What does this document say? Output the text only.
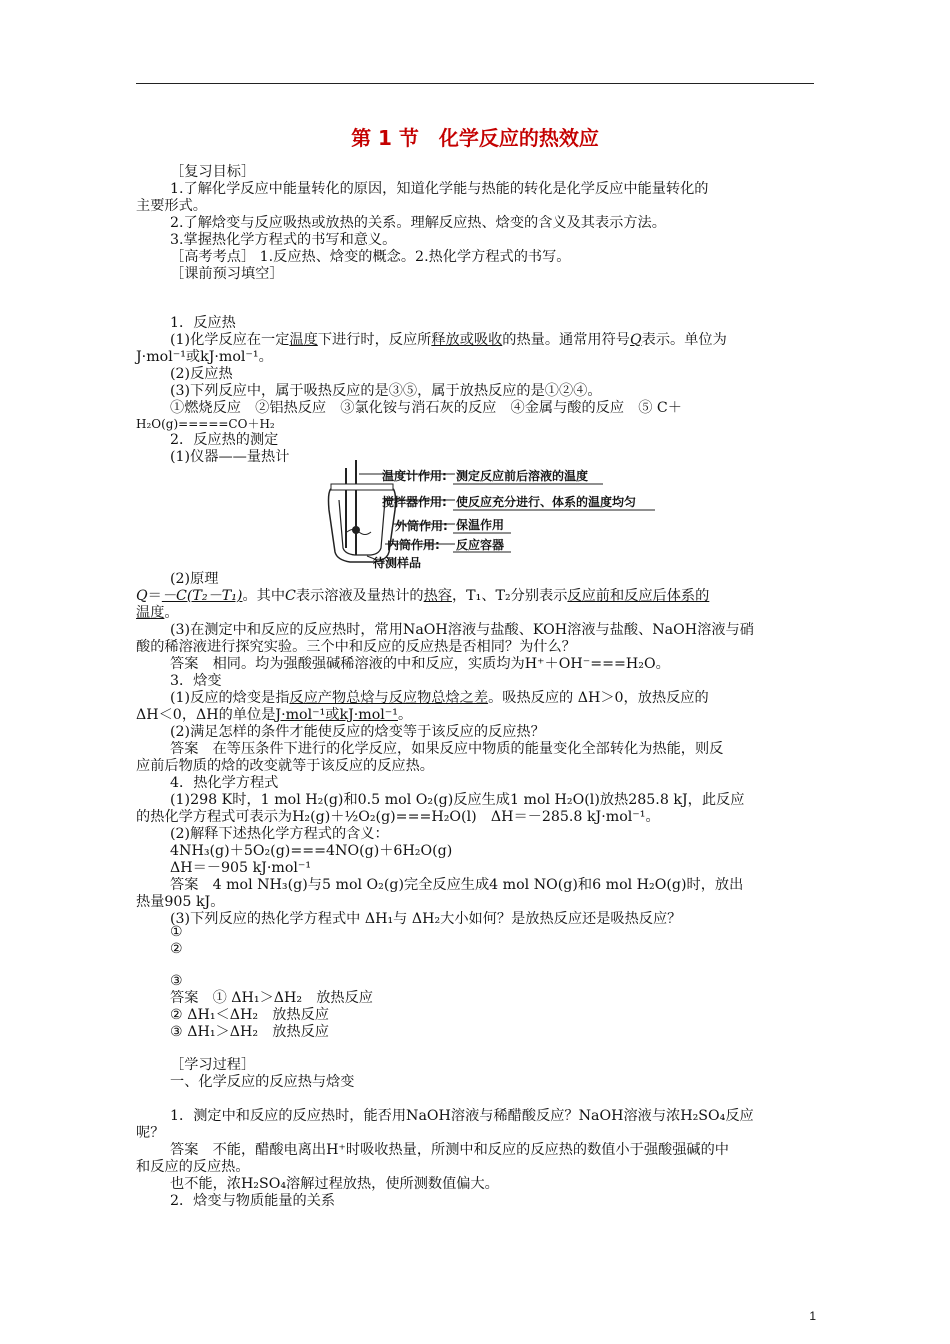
第 1 节　化学反应的热效应
［复习目标］
1.了解化学反应中能量转化的原因，知道化学能与热能的转化是化学反应中能量转化的
主要形式。
2.了解焓变与反应吸热或放热的关系。理解反应热、焓变的含义及其表示方法。
3.掌握热化学方程式的书写和意义。
［高考考点］ 1.反应热、焓变的概念。2.热化学方程式的书写。
［课前预习填空］
1．反应热
(1)化学反应在一定温度下进行时，反应所释放或吸收的热量。通常用符号Q表示。单位为
J·mol⁻¹或kJ·mol⁻¹。
(2)反应热
(3)下列反应中，属于吸热反应的是③⑤，属于放热反应的是①②④。
①燃烧反应　②铝热反应　③氯化铵与消石灰的反应　④金属与酸的反应　⑤ C＋
H₂O(g)=====CO＋H₂
2．反应热的测定
(1)仪器——量热计
温度计作用: 测定反应前后溶液的温度
搅拌器作用: 使反应充分进行、体系的温度均匀
外筒作用: 保温作用
内筒作用: 反应容器
待测样品
(2)原理
Q＝－C(T₂－T₁)。其中C表示溶液及量热计的热容，T₁、T₂分别表示反应前和反应后体系的
温度。
(3)在测定中和反应的反应热时，常用NaOH溶液与盐酸、KOH溶液与盐酸、NaOH溶液与硝
酸的稀溶液进行探究实验。三个中和反应的反应热是否相同？为什么？
答案　相同。均为强酸强碱稀溶液的中和反应，实质均为H⁺＋OH⁻===H₂O。
3．焓变
(1)反应的焓变是指反应产物总焓与反应物总焓之差。吸热反应的 ΔH＞0，放热反应的
ΔH＜0，ΔH的单位是J·mol⁻¹或kJ·mol⁻¹。
(2)满足怎样的条件才能使反应的焓变等于该反应的反应热？
答案　在等压条件下进行的化学反应，如果反应中物质的能量变化全部转化为热能，则反
应前后物质的焓的改变就等于该反应的反应热。
4．热化学方程式
(1)298 K时，1 mol H₂(g)和0.5 mol O₂(g)反应生成1 mol H₂O(l)放热285.8 kJ，此反应
的热化学方程式可表示为H₂(g)＋½O₂(g)===H₂O(l)　ΔH＝－285.8 kJ·mol⁻¹。
(2)解释下述热化学方程式的含义：
4NH₃(g)＋5O₂(g)===4NO(g)＋6H₂O(g)
ΔH＝－905 kJ·mol⁻¹
答案　4 mol NH₃(g)与5 mol O₂(g)完全反应生成4 mol NO(g)和6 mol H₂O(g)时，放出
热量905 kJ。
(3)下列反应的热化学方程式中 ΔH₁与 ΔH₂大小如何？是放热反应还是吸热反应？
①
②
③
答案　① ΔH₁＞ΔH₂　放热反应
② ΔH₁＜ΔH₂　放热反应
③ ΔH₁＞ΔH₂　放热反应
［学习过程］
一、化学反应的反应热与焓变
1．测定中和反应的反应热时，能否用NaOH溶液与稀醋酸反应？NaOH溶液与浓H₂SO₄反应
呢？
答案　不能，醋酸电离出H⁺时吸收热量，所测中和反应的反应热的数值小于强酸强碱的中
和反应的反应热。
也不能，浓H₂SO₄溶解过程放热，使所测数值偏大。
2．焓变与物质能量的关系
1
